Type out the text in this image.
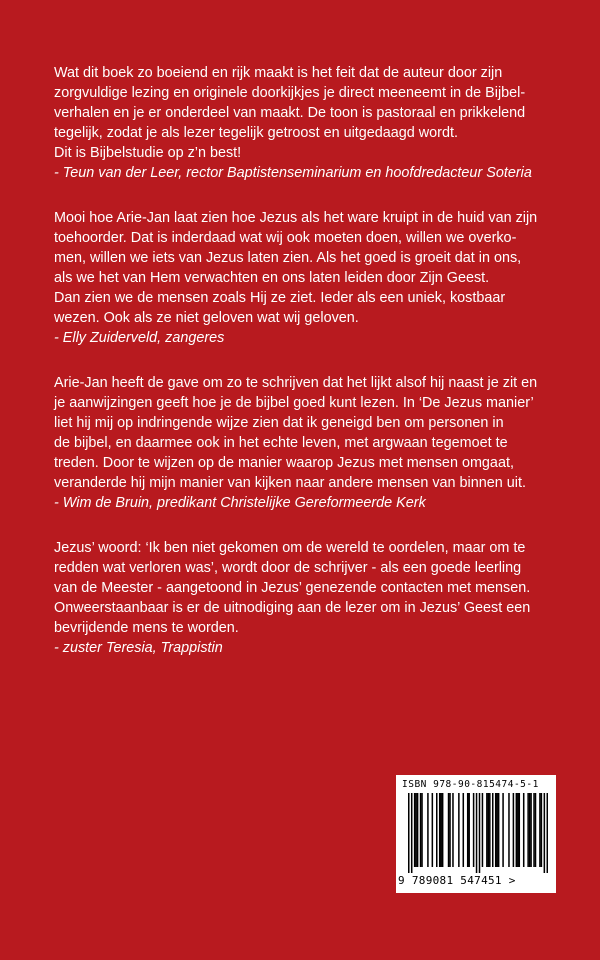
Wat dit boek zo boeiend en rijk maakt is het feit dat de auteur door zijn

zorgvuldige lezing en originele doorkijkjes je direct meeneemt in de Bijbel-

verhalen en je er onderdeel van maakt. De toon is pastoraal en prikkelend

tegelijk, zodat je als lezer tegelijk getroost en uitgedaagd wordt.

Dit is Bijbelstudie op z’n best!

- Teun van der Leer, rector Baptistenseminarium en hoofdredacteur Soteria

Mooi hoe Arie-Jan laat zien hoe Jezus als het ware kruipt in de huid van zijn

toehoorder. Dat is inderdaad wat wij ook moeten doen, willen we overko-

men, willen we iets van Jezus laten zien. Als het goed is groeit dat in ons,

als we het van Hem verwachten en ons laten leiden door Zijn Geest.

Dan zien we de mensen zoals Hij ze ziet. Ieder als een uniek, kostbaar

wezen. Ook als ze niet geloven wat wij geloven.

- Elly Zuiderveld, zangeres

Arie-Jan heeft de gave om zo te schrijven dat het lijkt alsof hij naast je zit en

je aanwijzingen geeft hoe je de bijbel goed kunt lezen. In ‘De Jezus manier’

liet hij mij op indringende wijze zien dat ik geneigd ben om personen in

de bijbel, en daarmee ook in het echte leven, met argwaan tegemoet te

treden. Door te wijzen op de manier waarop Jezus met mensen omgaat,

veranderde hij mijn manier van kijken naar andere mensen van binnen uit.

- Wim de Bruin, predikant Christelijke Gereformeerde Kerk

Jezus’ woord: ‘Ik ben niet gekomen om de wereld te oordelen, maar om te

redden wat verloren was’, wordt door de schrijver - als een goede leerling

van de Meester - aangetoond in Jezus’ genezende contacten met mensen.

Onweerstaanbaar is er de uitnodiging aan de lezer om in Jezus’ Geest een

bevrijdende mens te worden.

- zuster Teresia, Trappistin

ISBN 978-90-815474-5-1
9 789081 547451 >
